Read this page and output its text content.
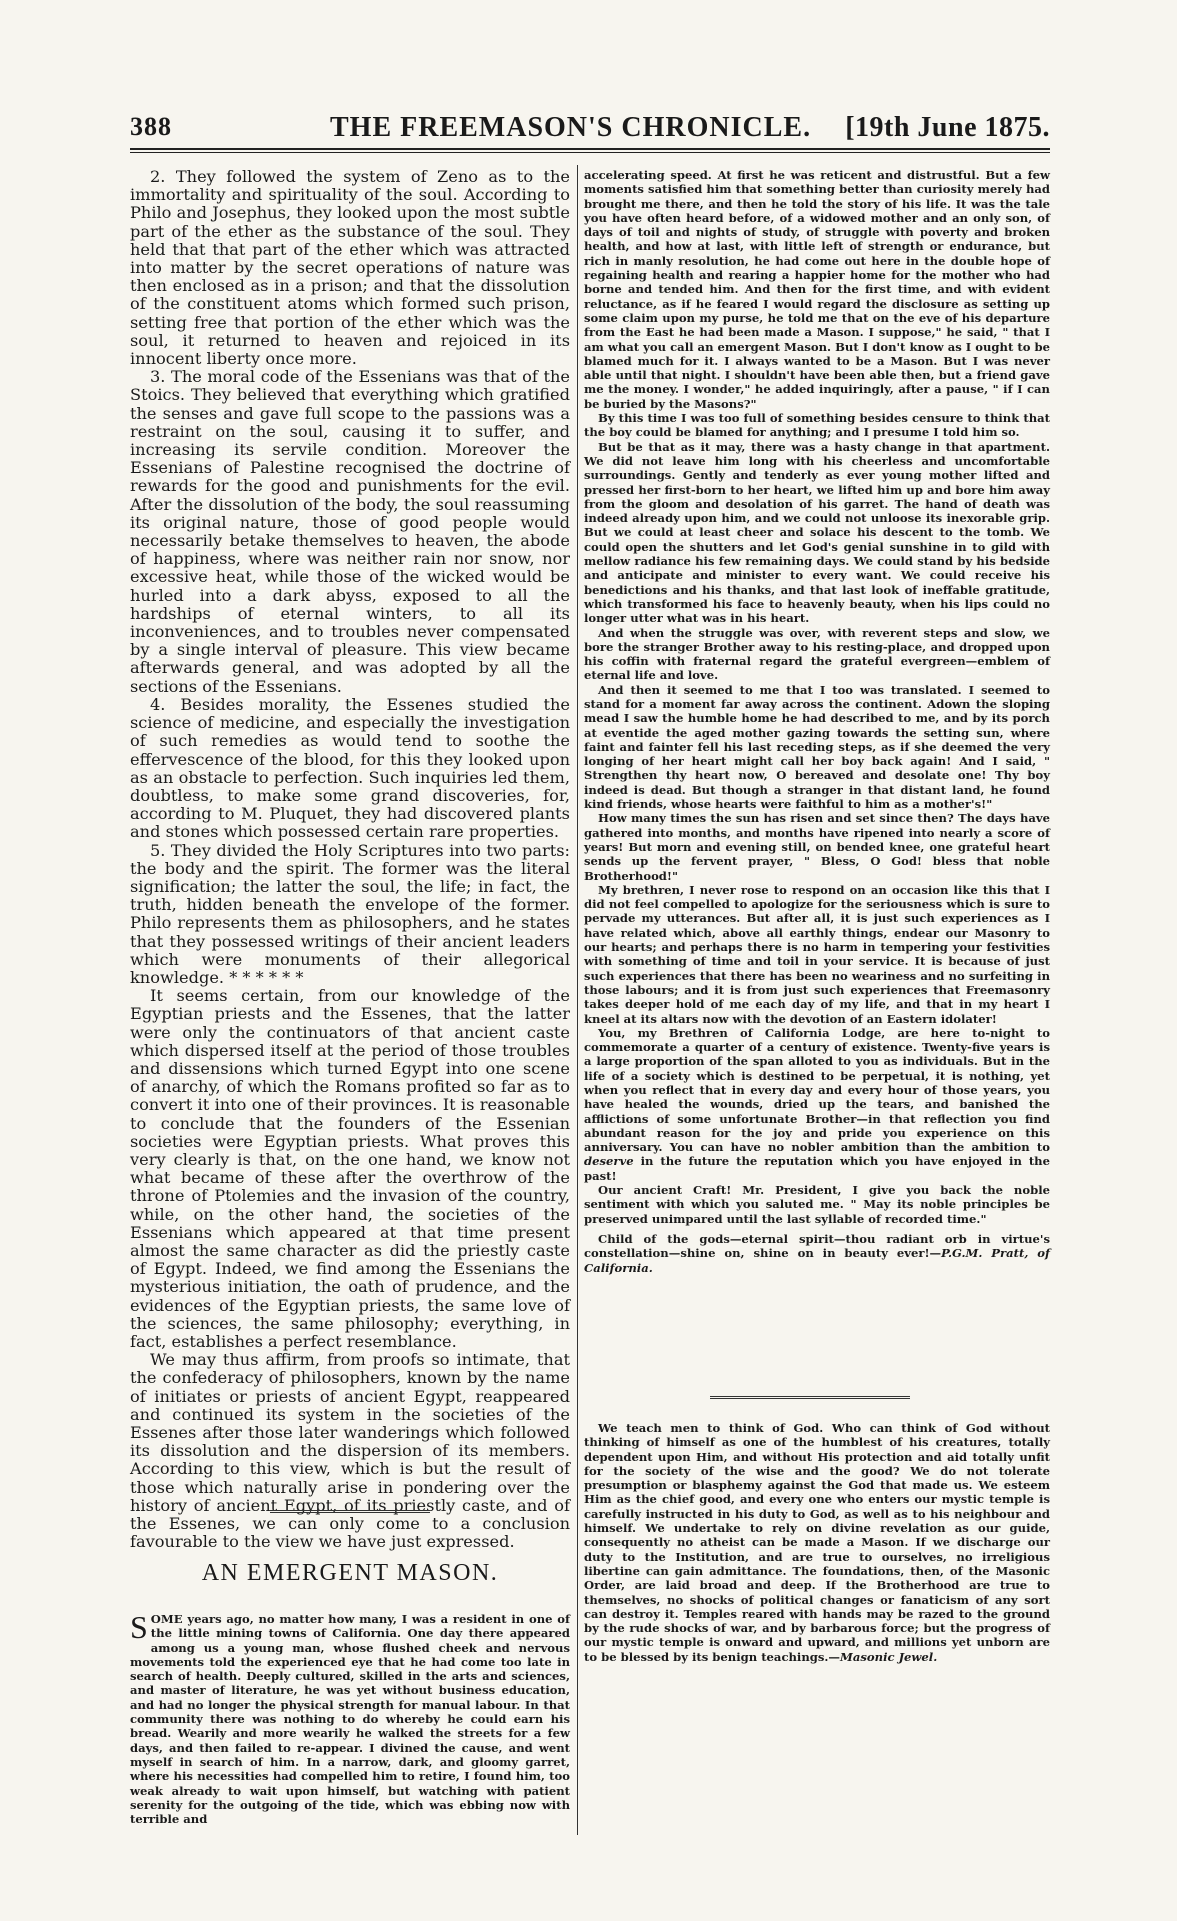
388	THE FREEMASON'S CHRONICLE.	[19th June 1875.

2. They followed the system of Zeno as to the immortality and spirituality of the soul. According to Philo and Josephus, they looked upon the most subtle part of the ether as the substance of the soul. They held that that part of the ether which was attracted into matter by the secret operations of nature was then enclosed as in a prison; and that the dissolution of the constituent atoms which formed such prison, setting free that portion of the ether which was the soul, it returned to heaven and rejoiced in its innocent liberty once more.

3. The moral code of the Essenians was that of the Stoics. They believed that everything which gratified the senses and gave full scope to the passions was a restraint on the soul, causing it to suffer, and increasing its servile condition. Moreover the Essenians of Palestine recognised the doctrine of rewards for the good and punishments for the evil. After the dissolution of the body, the soul reassuming its original nature, those of good people would necessarily betake themselves to heaven, the abode of happiness, where was neither rain nor snow, nor excessive heat, while those of the wicked would be hurled into a dark abyss, exposed to all the hardships of eternal winters, to all its inconveniences, and to troubles never compensated by a single interval of pleasure. This view became afterwards general, and was adopted by all the sections of the Essenians.

4. Besides morality, the Essenes studied the science of medicine, and especially the investigation of such remedies as would tend to soothe the effervescence of the blood, for this they looked upon as an obstacle to perfection. Such inquiries led them, doubtless, to make some grand discoveries, for, according to M. Pluquet, they had discovered plants and stones which possessed certain rare properties.

5. They divided the Holy Scriptures into two parts: the body and the spirit. The former was the literal signification; the latter the soul, the life; in fact, the truth, hidden beneath the envelope of the former. Philo represents them as philosophers, and he states that they possessed writings of their ancient leaders which were monuments of their allegorical knowledge. * * * * * *

It seems certain, from our knowledge of the Egyptian priests and the Essenes, that the latter were only the continuators of that ancient caste which dispersed itself at the period of those troubles and dissensions which turned Egypt into one scene of anarchy, of which the Romans profited so far as to convert it into one of their provinces. It is reasonable to conclude that the founders of the Essenian societies were Egyptian priests. What proves this very clearly is that, on the one hand, we know not what became of these after the overthrow of the throne of Ptolemies and the invasion of the country, while, on the other hand, the societies of the Essenians which appeared at that time present almost the same character as did the priestly caste of Egypt. Indeed, we find among the Essenians the mysterious initiation, the oath of prudence, and the evidences of the Egyptian priests, the same love of the sciences, the same philosophy; everything, in fact, establishes a perfect resemblance.

We may thus affirm, from proofs so intimate, that the confederacy of philosophers, known by the name of initiates or priests of ancient Egypt, reappeared and continued its system in the societies of the Essenes after those later wanderings which followed its dissolution and the dispersion of its members. According to this view, which is but the result of those which naturally arise in pondering over the history of ancient Egypt, of its priestly caste, and of the Essenes, we can only come to a conclusion favourable to the view we have just expressed.

AN EMERGENT MASON.

SOME years ago, no matter how many, I was a resident in one of the little mining towns of California. One day there appeared among us a young man, whose flushed cheek and nervous movements told the experienced eye that he had come too late in search of health. Deeply cultured, skilled in the arts and sciences, and master of literature, he was yet without business education, and had no longer the physical strength for manual labour. In that community there was nothing to do whereby he could earn his bread. Wearily and more wearily he walked the streets for a few days, and then failed to re-appear. I divined the cause, and went myself in search of him. In a narrow, dark, and gloomy garret, where his necessities had compelled him to retire, I found him, too weak already to wait upon himself, but watching with patient serenity for the outgoing of the tide, which was ebbing now with terrible and

accelerating speed. At first he was reticent and distrustful. But a few moments satisfied him that something better than curiosity merely had brought me there, and then he told the story of his life. It was the tale you have often heard before, of a widowed mother and an only son, of days of toil and nights of study, of struggle with poverty and broken health, and how at last, with little left of strength or endurance, but rich in manly resolution, he had come out here in the double hope of regaining health and rearing a happier home for the mother who had borne and tended him. And then for the first time, and with evident reluctance, as if he feared I would regard the disclosure as setting up some claim upon my purse, he told me that on the eve of his departure from the East he had been made a Mason. I suppose," he said, " that I am what you call an emergent Mason. But I don't know as I ought to be blamed much for it. I always wanted to be a Mason. But I was never able until that night. I shouldn't have been able then, but a friend gave me the money. I wonder," he added inquiringly, after a pause, " if I can be buried by the Masons?"

By this time I was too full of something besides censure to think that the boy could be blamed for anything; and I presume I told him so.

But be that as it may, there was a hasty change in that apartment. We did not leave him long with his cheerless and uncomfortable surroundings. Gently and tenderly as ever young mother lifted and pressed her first-born to her heart, we lifted him up and bore him away from the gloom and desolation of his garret. The hand of death was indeed already upon him, and we could not unloose its inexorable grip. But we could at least cheer and solace his descent to the tomb. We could open the shutters and let God's genial sunshine in to gild with mellow radiance his few remaining days. We could stand by his bedside and anticipate and minister to every want. We could receive his benedictions and his thanks, and that last look of ineffable gratitude, which transformed his face to heavenly beauty, when his lips could no longer utter what was in his heart.

And when the struggle was over, with reverent steps and slow, we bore the stranger Brother away to his resting-place, and dropped upon his coffin with fraternal regard the grateful evergreen—emblem of eternal life and love.

And then it seemed to me that I too was translated. I seemed to stand for a moment far away across the continent. Adown the sloping mead I saw the humble home he had described to me, and by its porch at eventide the aged mother gazing towards the setting sun, where faint and fainter fell his last receding steps, as if she deemed the very longing of her heart might call her boy back again! And I said, " Strengthen thy heart now, O bereaved and desolate one! Thy boy indeed is dead. But though a stranger in that distant land, he found kind friends, whose hearts were faithful to him as a mother's!"

How many times the sun has risen and set since then? The days have gathered into months, and months have ripened into nearly a score of years! But morn and evening still, on bended knee, one grateful heart sends up the fervent prayer, " Bless, O God! bless that noble Brotherhood!"

My brethren, I never rose to respond on an occasion like this that I did not feel compelled to apologize for the seriousness which is sure to pervade my utterances. But after all, it is just such experiences as I have related which, above all earthly things, endear our Masonry to our hearts; and perhaps there is no harm in tempering your festivities with something of time and toil in your service. It is because of just such experiences that there has been no weariness and no surfeiting in those labours; and it is from just such experiences that Freemasonry takes deeper hold of me each day of my life, and that in my heart I kneel at its altars now with the devotion of an Eastern idolater!

You, my Brethren of California Lodge, are here to-night to commemorate a quarter of a century of existence. Twenty-five years is a large proportion of the span alloted to you as individuals. But in the life of a society which is destined to be perpetual, it is nothing, yet when you reflect that in every day and every hour of those years, you have healed the wounds, dried up the tears, and banished the afflictions of some unfortunate Brother—in that reflection you find abundant reason for the joy and pride you experience on this anniversary. You can have no nobler ambition than the ambition to deserve in the future the reputation which you have enjoyed in the past!

Our ancient Craft! Mr. President, I give you back the noble sentiment with which you saluted me. " May its noble principles be preserved unimpared until the last syllable of recorded time."

Child of the gods—eternal spirit—thou radiant orb in virtue's constellation—shine on, shine on in beauty ever!—P.G.M. Pratt, of California.

We teach men to think of God. Who can think of God without thinking of himself as one of the humblest of his creatures, totally dependent upon Him, and without His protection and aid totally unfit for the society of the wise and the good? We do not tolerate presumption or blasphemy against the God that made us. We esteem Him as the chief good, and every one who enters our mystic temple is carefully instructed in his duty to God, as well as to his neighbour and himself. We undertake to rely on divine revelation as our guide, consequently no atheist can be made a Mason. If we discharge our duty to the Institution, and are true to ourselves, no irreligious libertine can gain admittance. The foundations, then, of the Masonic Order, are laid broad and deep. If the Brotherhood are true to themselves, no shocks of political changes or fanaticism of any sort can destroy it. Temples reared with hands may be razed to the ground by the rude shocks of war, and by barbarous force; but the progress of our mystic temple is onward and upward, and millions yet unborn are to be blessed by its benign teachings.—Masonic Jewel.
